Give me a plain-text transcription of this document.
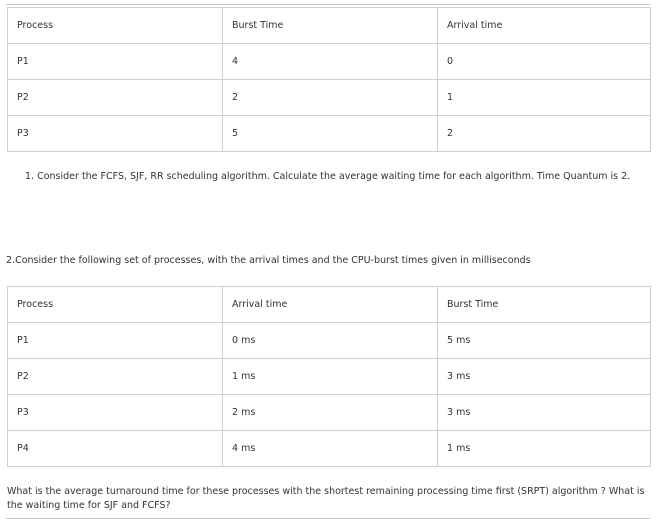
Process	Burst Time	Arrival time
P1	4	0
P2	2	1
P3	5	2
1. Consider the FCFS, SJF, RR scheduling algorithm. Calculate the average waiting time for each algorithm. Time Quantum is 2.
2.Consider the following set of processes, with the arrival times and the CPU-burst times given in milliseconds
Process	Arrival time	Burst Time
P1	0 ms	5 ms
P2	1 ms	3 ms
P3	2 ms	3 ms
P4	4 ms	1 ms
What is the average turnaround time for these processes with the shortest remaining processing time first (SRPT) algorithm ? What is the waiting time for SJF and FCFS?
